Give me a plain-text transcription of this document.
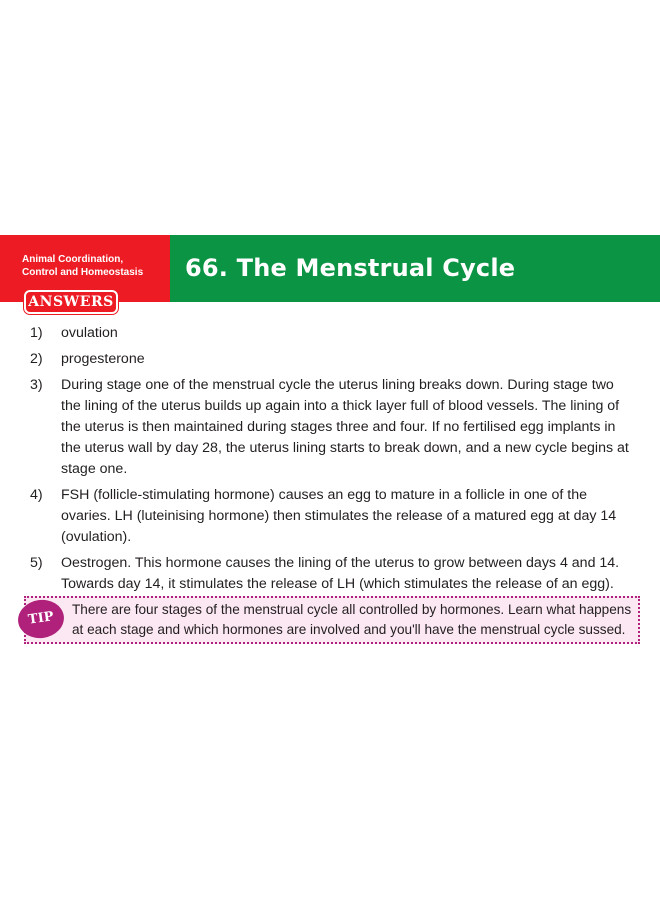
Animal Coordination,
Control and Homeostasis 66. The Menstrual Cycle
ANSWERS
1) ovulation
2) progesterone
3) During stage one of the menstrual cycle the uterus lining breaks down. During stage two the lining of the uterus builds up again into a thick layer full of blood vessels. The lining of the uterus is then maintained during stages three and four. If no fertilised egg implants in the uterus wall by day 28, the uterus lining starts to break down, and a new cycle begins at stage one.
4) FSH (follicle-stimulating hormone) causes an egg to mature in a follicle in one of the ovaries. LH (luteinising hormone) then stimulates the release of a matured egg at day 14 (ovulation).
5) Oestrogen. This hormone causes the lining of the uterus to grow between days 4 and 14. Towards day 14, it stimulates the release of LH (which stimulates the release of an egg).
TIP	There are four stages of the menstrual cycle all controlled by hormones. Learn what happens at each stage and which hormones are involved and you'll have the menstrual cycle sussed.
